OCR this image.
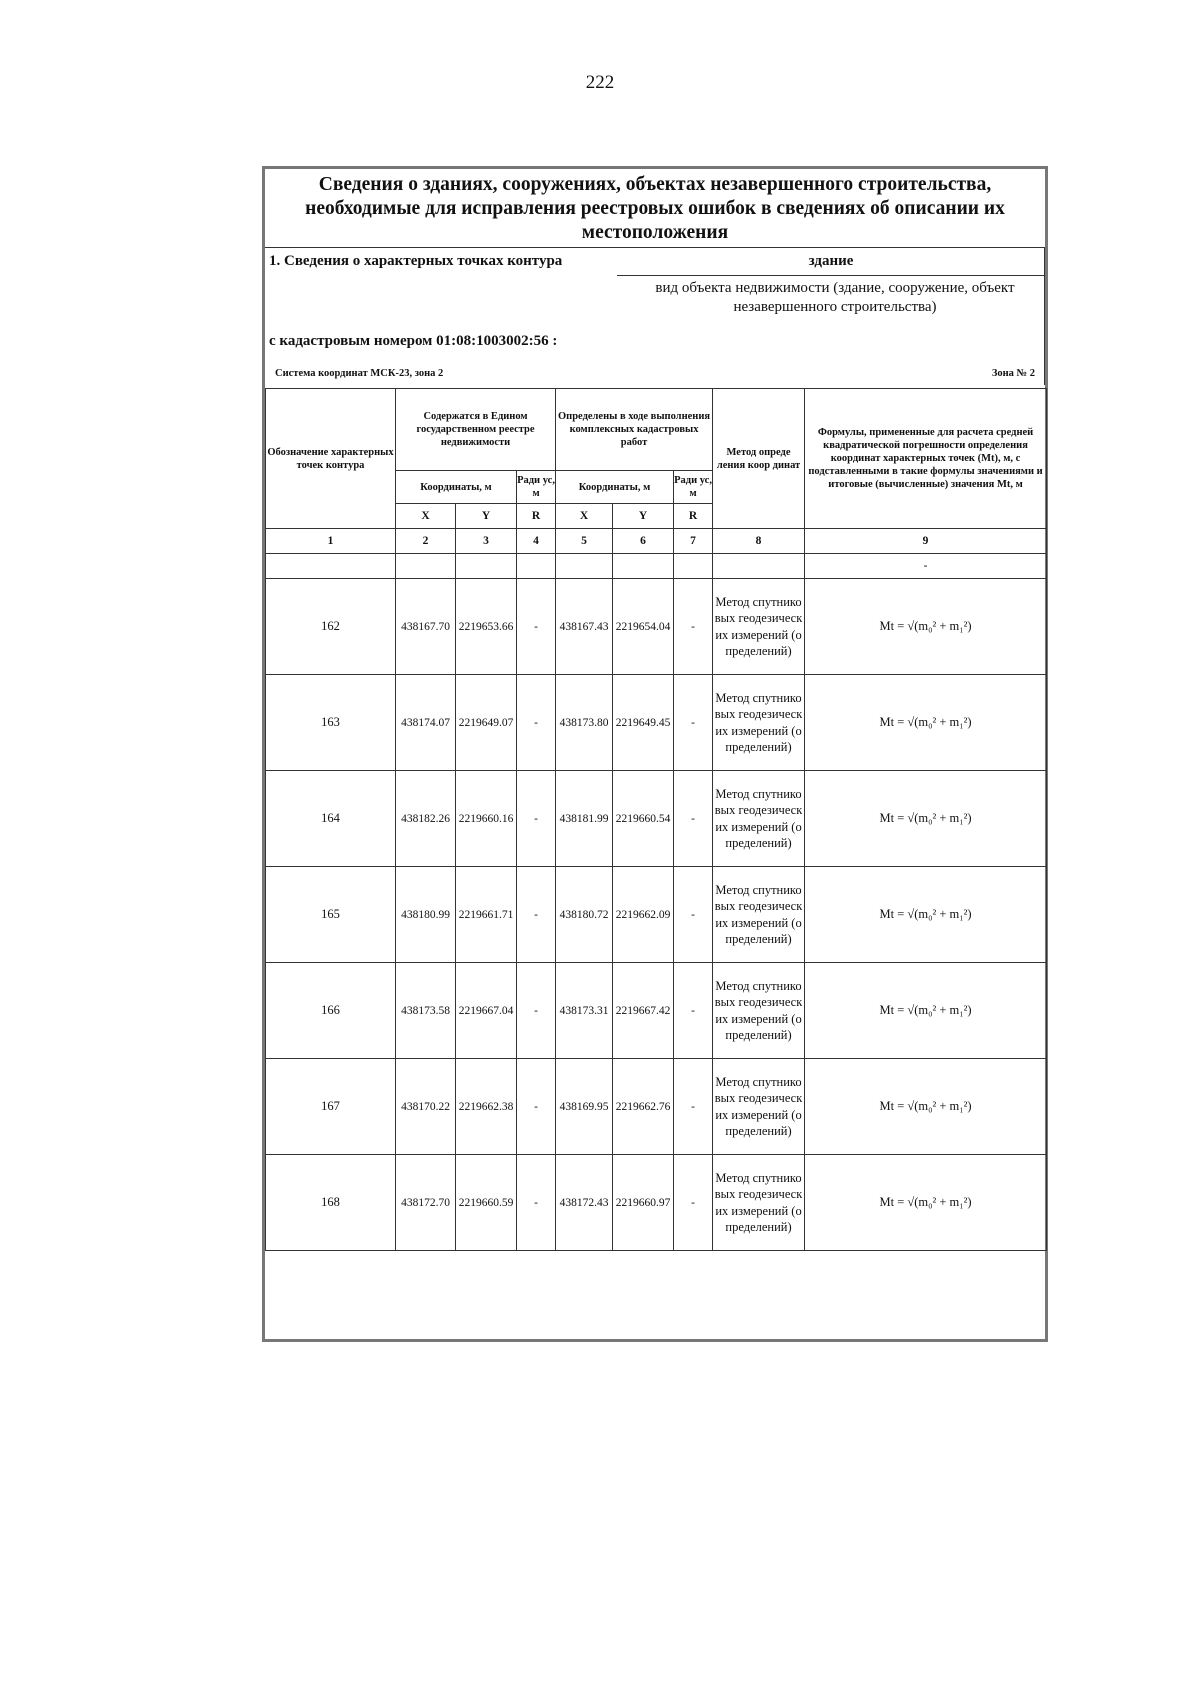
222
Сведения о зданиях, сооружениях, объектах незавершенного строительства,
необходимые для исправления реестровых ошибок в сведениях об описании их
местоположения
1. Сведения о характерных точках контура	здание
вид объекта недвижимости (здание, сооружение, объект незавершенного строительства)
с кадастровым номером 01:08:1003002:56 :
Система координат МСК-23, зона 2	Зона № 2
Обозначение характерных точек контура	Содержатся в Едином государственном реестре недвижимости			Определены в ходе выполнения комплексных кадастровых работ			Метод опреде ления коор динат	Формулы, примененные для расчета средней квадратической погрешности определения координат характерных точек (Mt), м, с подставленными в такие формулы значениями и итоговые (вычисленные) значения Mt, м
	Координаты, м		Ради ус, м	Координаты, м		Ради ус, м		
	X	Y	R	X	Y	R		
1	2	3	4	5	6	7	8	9
								-
162	438167.70	2219653.66	-	438167.43	2219654.04	-	Метод спутниковых геодезических измерений (определений)	Mt = √(m₀² + m₁²)
163	438174.07	2219649.07	-	438173.80	2219649.45	-	Метод спутниковых геодезических измерений (определений)	Mt = √(m₀² + m₁²)
164	438182.26	2219660.16	-	438181.99	2219660.54	-	Метод спутниковых геодезических измерений (определений)	Mt = √(m₀² + m₁²)
165	438180.99	2219661.71	-	438180.72	2219662.09	-	Метод спутниковых геодезических измерений (определений)	Mt = √(m₀² + m₁²)
166	438173.58	2219667.04	-	438173.31	2219667.42	-	Метод спутниковых геодезических измерений (определений)	Mt = √(m₀² + m₁²)
167	438170.22	2219662.38	-	438169.95	2219662.76	-	Метод спутниковых геодезических измерений (определений)	Mt = √(m₀² + m₁²)
168	438172.70	2219660.59	-	438172.43	2219660.97	-	Метод спутниковых геодезических измерений (определений)	Mt = √(m₀² + m₁²)
